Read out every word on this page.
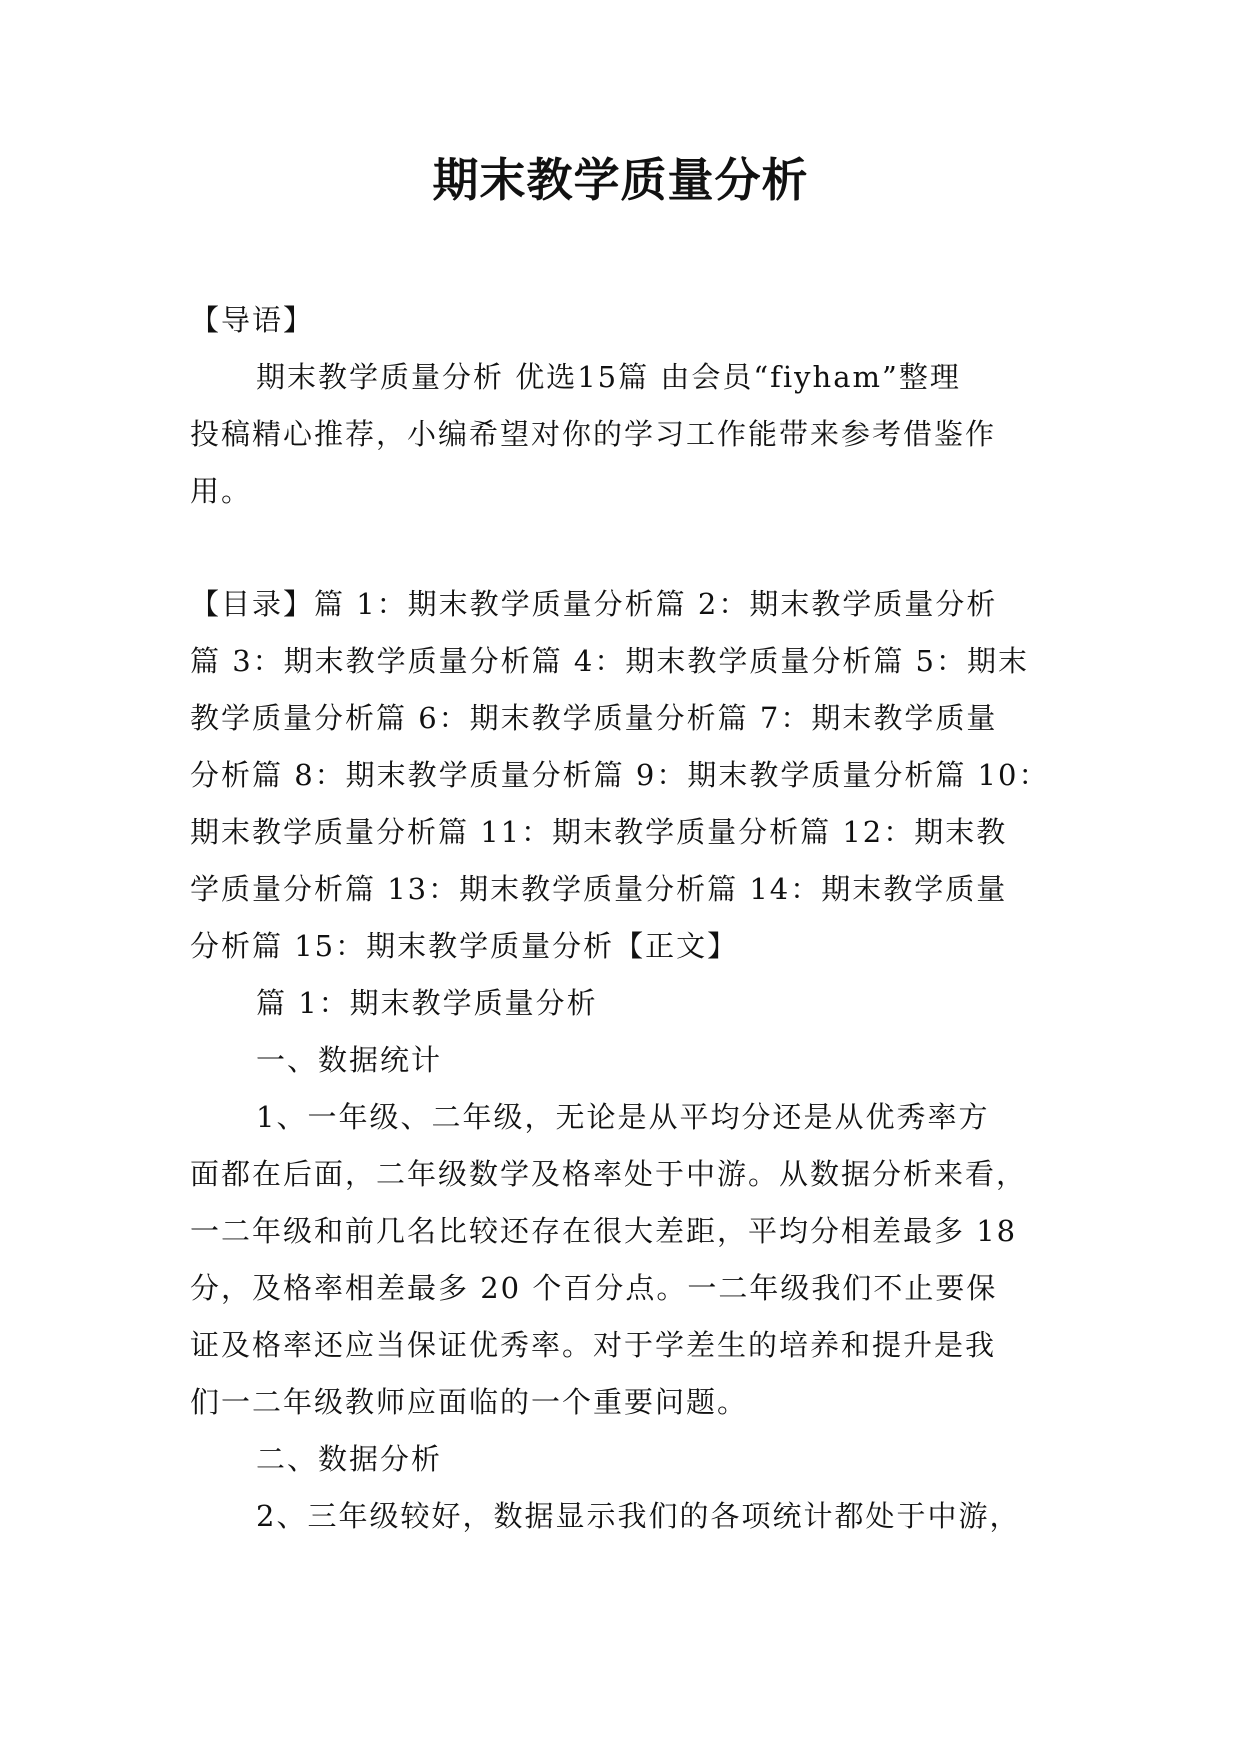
期末教学质量分析
【导语】
期末教学质量分析 优选15篇 由会员“fiyham”整理
投稿精心推荐，小编希望对你的学习工作能带来参考借鉴作
用。
【目录】篇 1：期末教学质量分析篇 2：期末教学质量分析
篇 3：期末教学质量分析篇 4：期末教学质量分析篇 5：期末
教学质量分析篇 6：期末教学质量分析篇 7：期末教学质量
分析篇 8：期末教学质量分析篇 9：期末教学质量分析篇 10：
期末教学质量分析篇 11：期末教学质量分析篇 12：期末教
学质量分析篇 13：期末教学质量分析篇 14：期末教学质量
分析篇 15：期末教学质量分析【正文】
篇 1：期末教学质量分析
一、数据统计
1、一年级、二年级，无论是从平均分还是从优秀率方
面都在后面，二年级数学及格率处于中游。从数据分析来看，
一二年级和前几名比较还存在很大差距，平均分相差最多 18
分，及格率相差最多 20 个百分点。一二年级我们不止要保
证及格率还应当保证优秀率。对于学差生的培养和提升是我
们一二年级教师应面临的一个重要问题。
二、数据分析
2、三年级较好，数据显示我们的各项统计都处于中游，
